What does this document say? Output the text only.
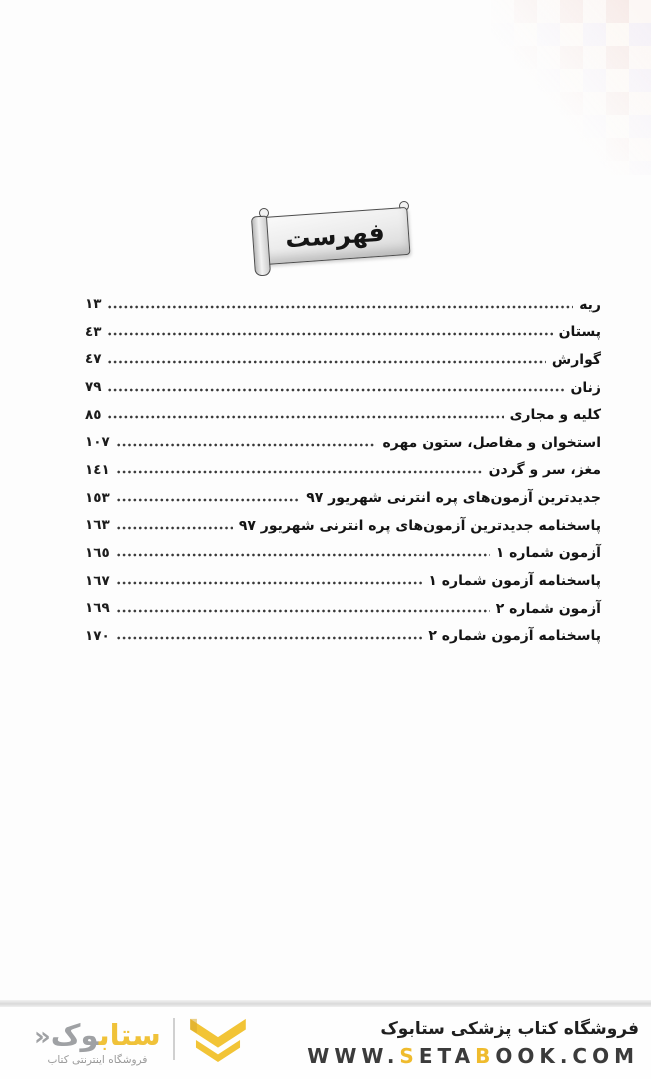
فهرست
١٣	ریه
٤٣	پستان
٤٧	گوارش
٧٩	زنان
٨٥	کلیه و مجاری
١٠٧	استخوان و مفاصل، ستون مهره
١٤١	مغز، سر و گردن
١٥٣	جدیدترین آزمون‌های پره انترنی شهریور ٩٧
١٦٣	پاسخنامه جدیدترین آزمون‌های پره انترنی شهریور ٩٧
١٦٥	آزمون شماره ١
١٦٧	پاسخنامه آزمون شماره ١
١٦٩	آزمون شماره ٢
١٧٠	پاسخنامه آزمون شماره ٢
ستابوک«
فروشگاه اینترنتی کتاب
فروشگاه کتاب پزشکی ستابوک
WWW.SETABOOK.COM
